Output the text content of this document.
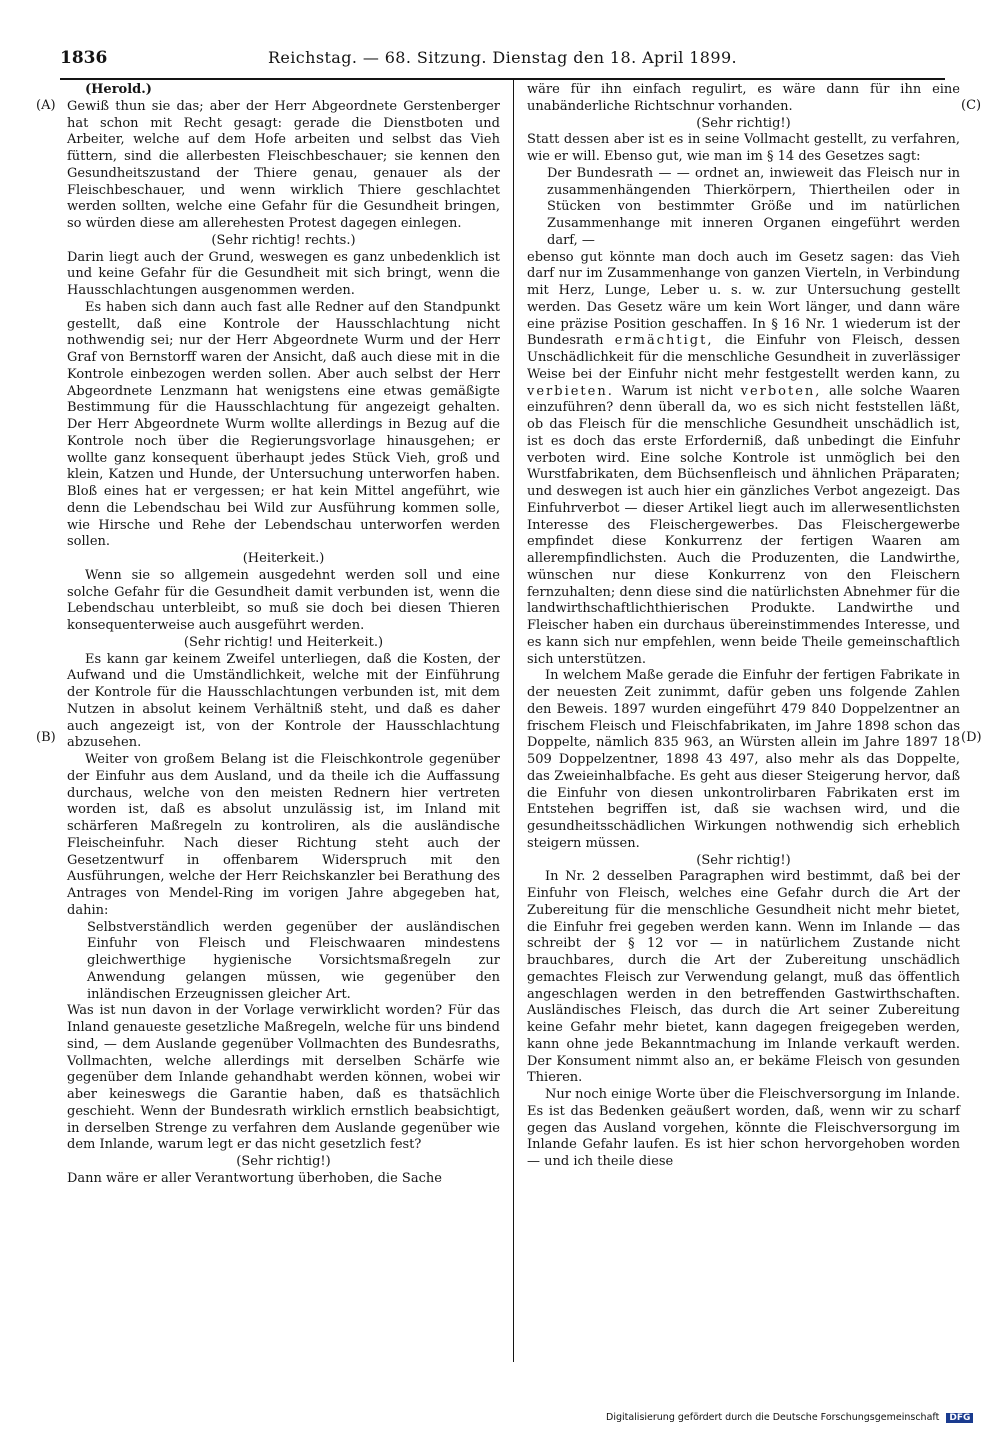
1836	Reichstag. — 68. Sitzung. Dienstag den 18. April 1899.
(A)
(B)
(C)
(D)

(Herold.)

Gewiß thun sie das; aber der Herr Abgeordnete Gerstenberger hat schon mit Recht gesagt: gerade die Dienstboten und Arbeiter, welche auf dem Hofe arbeiten und selbst das Vieh füttern, sind die allerbesten Fleischbeschauer; sie kennen den Gesundheitszustand der Thiere genau, genauer als der Fleischbeschauer, und wenn wirklich Thiere geschlachtet werden sollten, welche eine Gefahr für die Gesundheit bringen, so würden diese am allerehesten Protest dagegen einlegen.

(Sehr richtig! rechts.)

Darin liegt auch der Grund, weswegen es ganz unbedenklich ist und keine Gefahr für die Gesundheit mit sich bringt, wenn die Hausschlachtungen ausgenommen werden.

Es haben sich dann auch fast alle Redner auf den Standpunkt gestellt, daß eine Kontrole der Hausschlachtung nicht nothwendig sei; nur der Herr Abgeordnete Wurm und der Herr Graf von Bernstorff waren der Ansicht, daß auch diese mit in die Kontrole einbezogen werden sollen. Aber auch selbst der Herr Abgeordnete Lenzmann hat wenigstens eine etwas gemäßigte Bestimmung für die Hausschlachtung für angezeigt gehalten. Der Herr Abgeordnete Wurm wollte allerdings in Bezug auf die Kontrole noch über die Regierungsvorlage hinausgehen; er wollte ganz konsequent überhaupt jedes Stück Vieh, groß und klein, Katzen und Hunde, der Untersuchung unterworfen haben. Bloß eines hat er vergessen; er hat kein Mittel angeführt, wie denn die Lebendschau bei Wild zur Ausführung kommen solle, wie Hirsche und Rehe der Lebendschau unterworfen werden sollen.

(Heiterkeit.)

Wenn sie so allgemein ausgedehnt werden soll und eine solche Gefahr für die Gesundheit damit verbunden ist, wenn die Lebendschau unterbleibt, so muß sie doch bei diesen Thieren konsequenterweise auch ausgeführt werden.

(Sehr richtig! und Heiterkeit.)

Es kann gar keinem Zweifel unterliegen, daß die Kosten, der Aufwand und die Umständlichkeit, welche mit der Einführung der Kontrole für die Hausschlachtungen verbunden ist, mit dem Nutzen in absolut keinem Verhältniß steht, und daß es daher auch angezeigt ist, von der Kontrole der Hausschlachtung abzusehen.

Weiter von großem Belang ist die Fleischkontrole gegenüber der Einfuhr aus dem Ausland, und da theile ich die Auffassung durchaus, welche von den meisten Rednern hier vertreten worden ist, daß es absolut unzulässig ist, im Inland mit schärferen Maßregeln zu kontroliren, als die ausländische Fleischeinfuhr. Nach dieser Richtung steht auch der Gesetzentwurf in offenbarem Widerspruch mit den Ausführungen, welche der Herr Reichskanzler bei Berathung des Antrages von Mendel-Ring im vorigen Jahre abgegeben hat, dahin:

Selbstverständlich werden gegenüber der ausländischen Einfuhr von Fleisch und Fleischwaaren mindestens gleichwerthige hygienische Vorsichtsmaßregeln zur Anwendung gelangen müssen, wie gegenüber den inländischen Erzeugnissen gleicher Art.

Was ist nun davon in der Vorlage verwirklicht worden? Für das Inland genaueste gesetzliche Maßregeln, welche für uns bindend sind, — dem Auslande gegenüber Vollmachten des Bundesraths, Vollmachten, welche allerdings mit derselben Schärfe wie gegenüber dem Inlande gehandhabt werden können, wobei wir aber keineswegs die Garantie haben, daß es thatsächlich geschieht. Wenn der Bundesrath wirklich ernstlich beabsichtigt, in derselben Strenge zu verfahren dem Auslande gegenüber wie dem Inlande, warum legt er das nicht gesetzlich fest?

(Sehr richtig!)

Dann wäre er aller Verantwortung überhoben, die Sache

wäre für ihn einfach regulirt, es wäre dann für ihn eine unabänderliche Richtschnur vorhanden.

(Sehr richtig!)

Statt dessen aber ist es in seine Vollmacht gestellt, zu verfahren, wie er will. Ebenso gut, wie man im § 14 des Gesetzes sagt:

Der Bundesrath — — ordnet an, inwieweit das Fleisch nur in zusammenhängenden Thierkörpern, Thiertheilen oder in Stücken von bestimmter Größe und im natürlichen Zusammenhange mit inneren Organen eingeführt werden darf, —

ebenso gut könnte man doch auch im Gesetz sagen: das Vieh darf nur im Zusammenhange von ganzen Vierteln, in Verbindung mit Herz, Lunge, Leber u. s. w. zur Untersuchung gestellt werden. Das Gesetz wäre um kein Wort länger, und dann wäre eine präzise Position geschaffen. In § 16 Nr. 1 wiederum ist der Bundesrath ermächtigt, die Einfuhr von Fleisch, dessen Unschädlichkeit für die menschliche Gesundheit in zuverlässiger Weise bei der Einfuhr nicht mehr festgestellt werden kann, zu verbieten. Warum ist nicht verboten, alle solche Waaren einzuführen? denn überall da, wo es sich nicht feststellen läßt, ob das Fleisch für die menschliche Gesundheit unschädlich ist, ist es doch das erste Erforderniß, daß unbedingt die Einfuhr verboten wird. Eine solche Kontrole ist unmöglich bei den Wurstfabrikaten, dem Büchsenfleisch und ähnlichen Präparaten; und deswegen ist auch hier ein gänzliches Verbot angezeigt. Das Einfuhrverbot — dieser Artikel liegt auch im allerwesentlichsten Interesse des Fleischergewerbes. Das Fleischergewerbe empfindet diese Konkurrenz der fertigen Waaren am allerempfindlichsten. Auch die Produzenten, die Landwirthe, wünschen nur diese Konkurrenz von den Fleischern fernzuhalten; denn diese sind die natürlichsten Abnehmer für die landwirthschaftlichthierischen Produkte. Landwirthe und Fleischer haben ein durchaus übereinstimmendes Interesse, und es kann sich nur empfehlen, wenn beide Theile gemeinschaftlich sich unterstützen.

In welchem Maße gerade die Einfuhr der fertigen Fabrikate in der neuesten Zeit zunimmt, dafür geben uns folgende Zahlen den Beweis. 1897 wurden eingeführt 479 840 Doppelzentner an frischem Fleisch und Fleischfabrikaten, im Jahre 1898 schon das Doppelte, nämlich 835 963, an Würsten allein im Jahre 1897 18 509 Doppelzentner, 1898 43 497, also mehr als das Doppelte, das Zweieinhalbfache. Es geht aus dieser Steigerung hervor, daß die Einfuhr von diesen unkontrolirbaren Fabrikaten erst im Entstehen begriffen ist, daß sie wachsen wird, und die gesundheitsschädlichen Wirkungen nothwendig sich erheblich steigern müssen.

(Sehr richtig!)

In Nr. 2 desselben Paragraphen wird bestimmt, daß bei der Einfuhr von Fleisch, welches eine Gefahr durch die Art der Zubereitung für die menschliche Gesundheit nicht mehr bietet, die Einfuhr frei gegeben werden kann. Wenn im Inlande — das schreibt der § 12 vor — in natürlichem Zustande nicht brauchbares, durch die Art der Zubereitung unschädlich gemachtes Fleisch zur Verwendung gelangt, muß das öffentlich angeschlagen werden in den betreffenden Gastwirthschaften. Ausländisches Fleisch, das durch die Art seiner Zubereitung keine Gefahr mehr bietet, kann dagegen freigegeben werden, kann ohne jede Bekanntmachung im Inlande verkauft werden. Der Konsument nimmt also an, er bekäme Fleisch von gesunden Thieren.

Nur noch einige Worte über die Fleischversorgung im Inlande. Es ist das Bedenken geäußert worden, daß, wenn wir zu scharf gegen das Ausland vorgehen, könnte die Fleischversorgung im Inlande Gefahr laufen. Es ist hier schon hervorgehoben worden — und ich theile diese

Digitalisierung gefördert durch die Deutsche Forschungsgemeinschaft DFG
